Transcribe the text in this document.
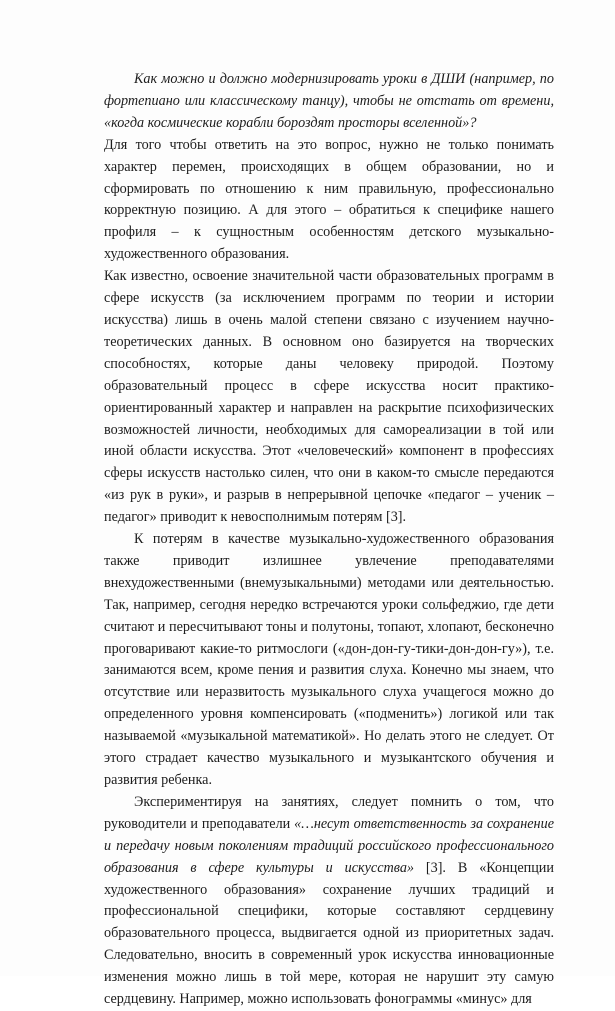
Как можно и должно модернизировать уроки в ДШИ (например, по фортепиано или классическому танцу), чтобы не отстать от времени, «когда космические корабли бороздят просторы вселенной»?

Для того чтобы ответить на это вопрос, нужно не только понимать характер перемен, происходящих в общем образовании, но и сформировать по отношению к ним правильную, профессионально корректную позицию. А для этого – обратиться к специфике нашего профиля – к сущностным особенностям детского музыкально-художественного образования.

Как известно, освоение значительной части образовательных программ в сфере искусств (за исключением программ по теории и истории искусства) лишь в очень малой степени связано с изучением научно-теоретических данных. В основном оно базируется на творческих способностях, которые даны человеку природой. Поэтому образовательный процесс в сфере искусства носит практико-ориентированный характер и направлен на раскрытие психофизических возможностей личности, необходимых для самореализации в той или иной области искусства. Этот «человеческий» компонент в профессиях сферы искусств настолько силен, что они в каком-то смысле передаются «из рук в руки», и разрыв в непрерывной цепочке «педагог – ученик – педагог» приводит к невосполнимым потерям [3].

К потерям в качестве музыкально-художественного образования также приводит излишнее увлечение преподавателями внехудожественными (внемузыкальными) методами или деятельностью. Так, например, сегодня нередко встречаются уроки сольфеджио, где дети считают и пересчитывают тоны и полутоны, топают, хлопают, бесконечно проговаривают какие-то ритмослоги («дон-дон-гу-тики-дон-дон-гу»), т.е. занимаются всем, кроме пения и развития слуха. Конечно мы знаем, что отсутствие или неразвитость музыкального слуха учащегося можно до определенного уровня компенсировать («подменить») логикой или так называемой «музыкальной математикой». Но делать этого не следует. От этого страдает качество музыкального и музыкантского обучения и развития ребенка.

Экспериментируя на занятиях, следует помнить о том, что руководители и преподаватели «…несут ответственность за сохранение и передачу новым поколениям традиций российского профессионального образования в сфере культуры и искусства» [3]. В «Концепции художественного образования» сохранение лучших традиций и профессиональной специфики, которые составляют сердцевину образовательного процесса, выдвигается одной из приоритетных задач. Следовательно, вносить в современный урок искусства инновационные изменения можно лишь в той мере, которая не нарушит эту самую сердцевину. Например, можно использовать фонограммы «минус» для
